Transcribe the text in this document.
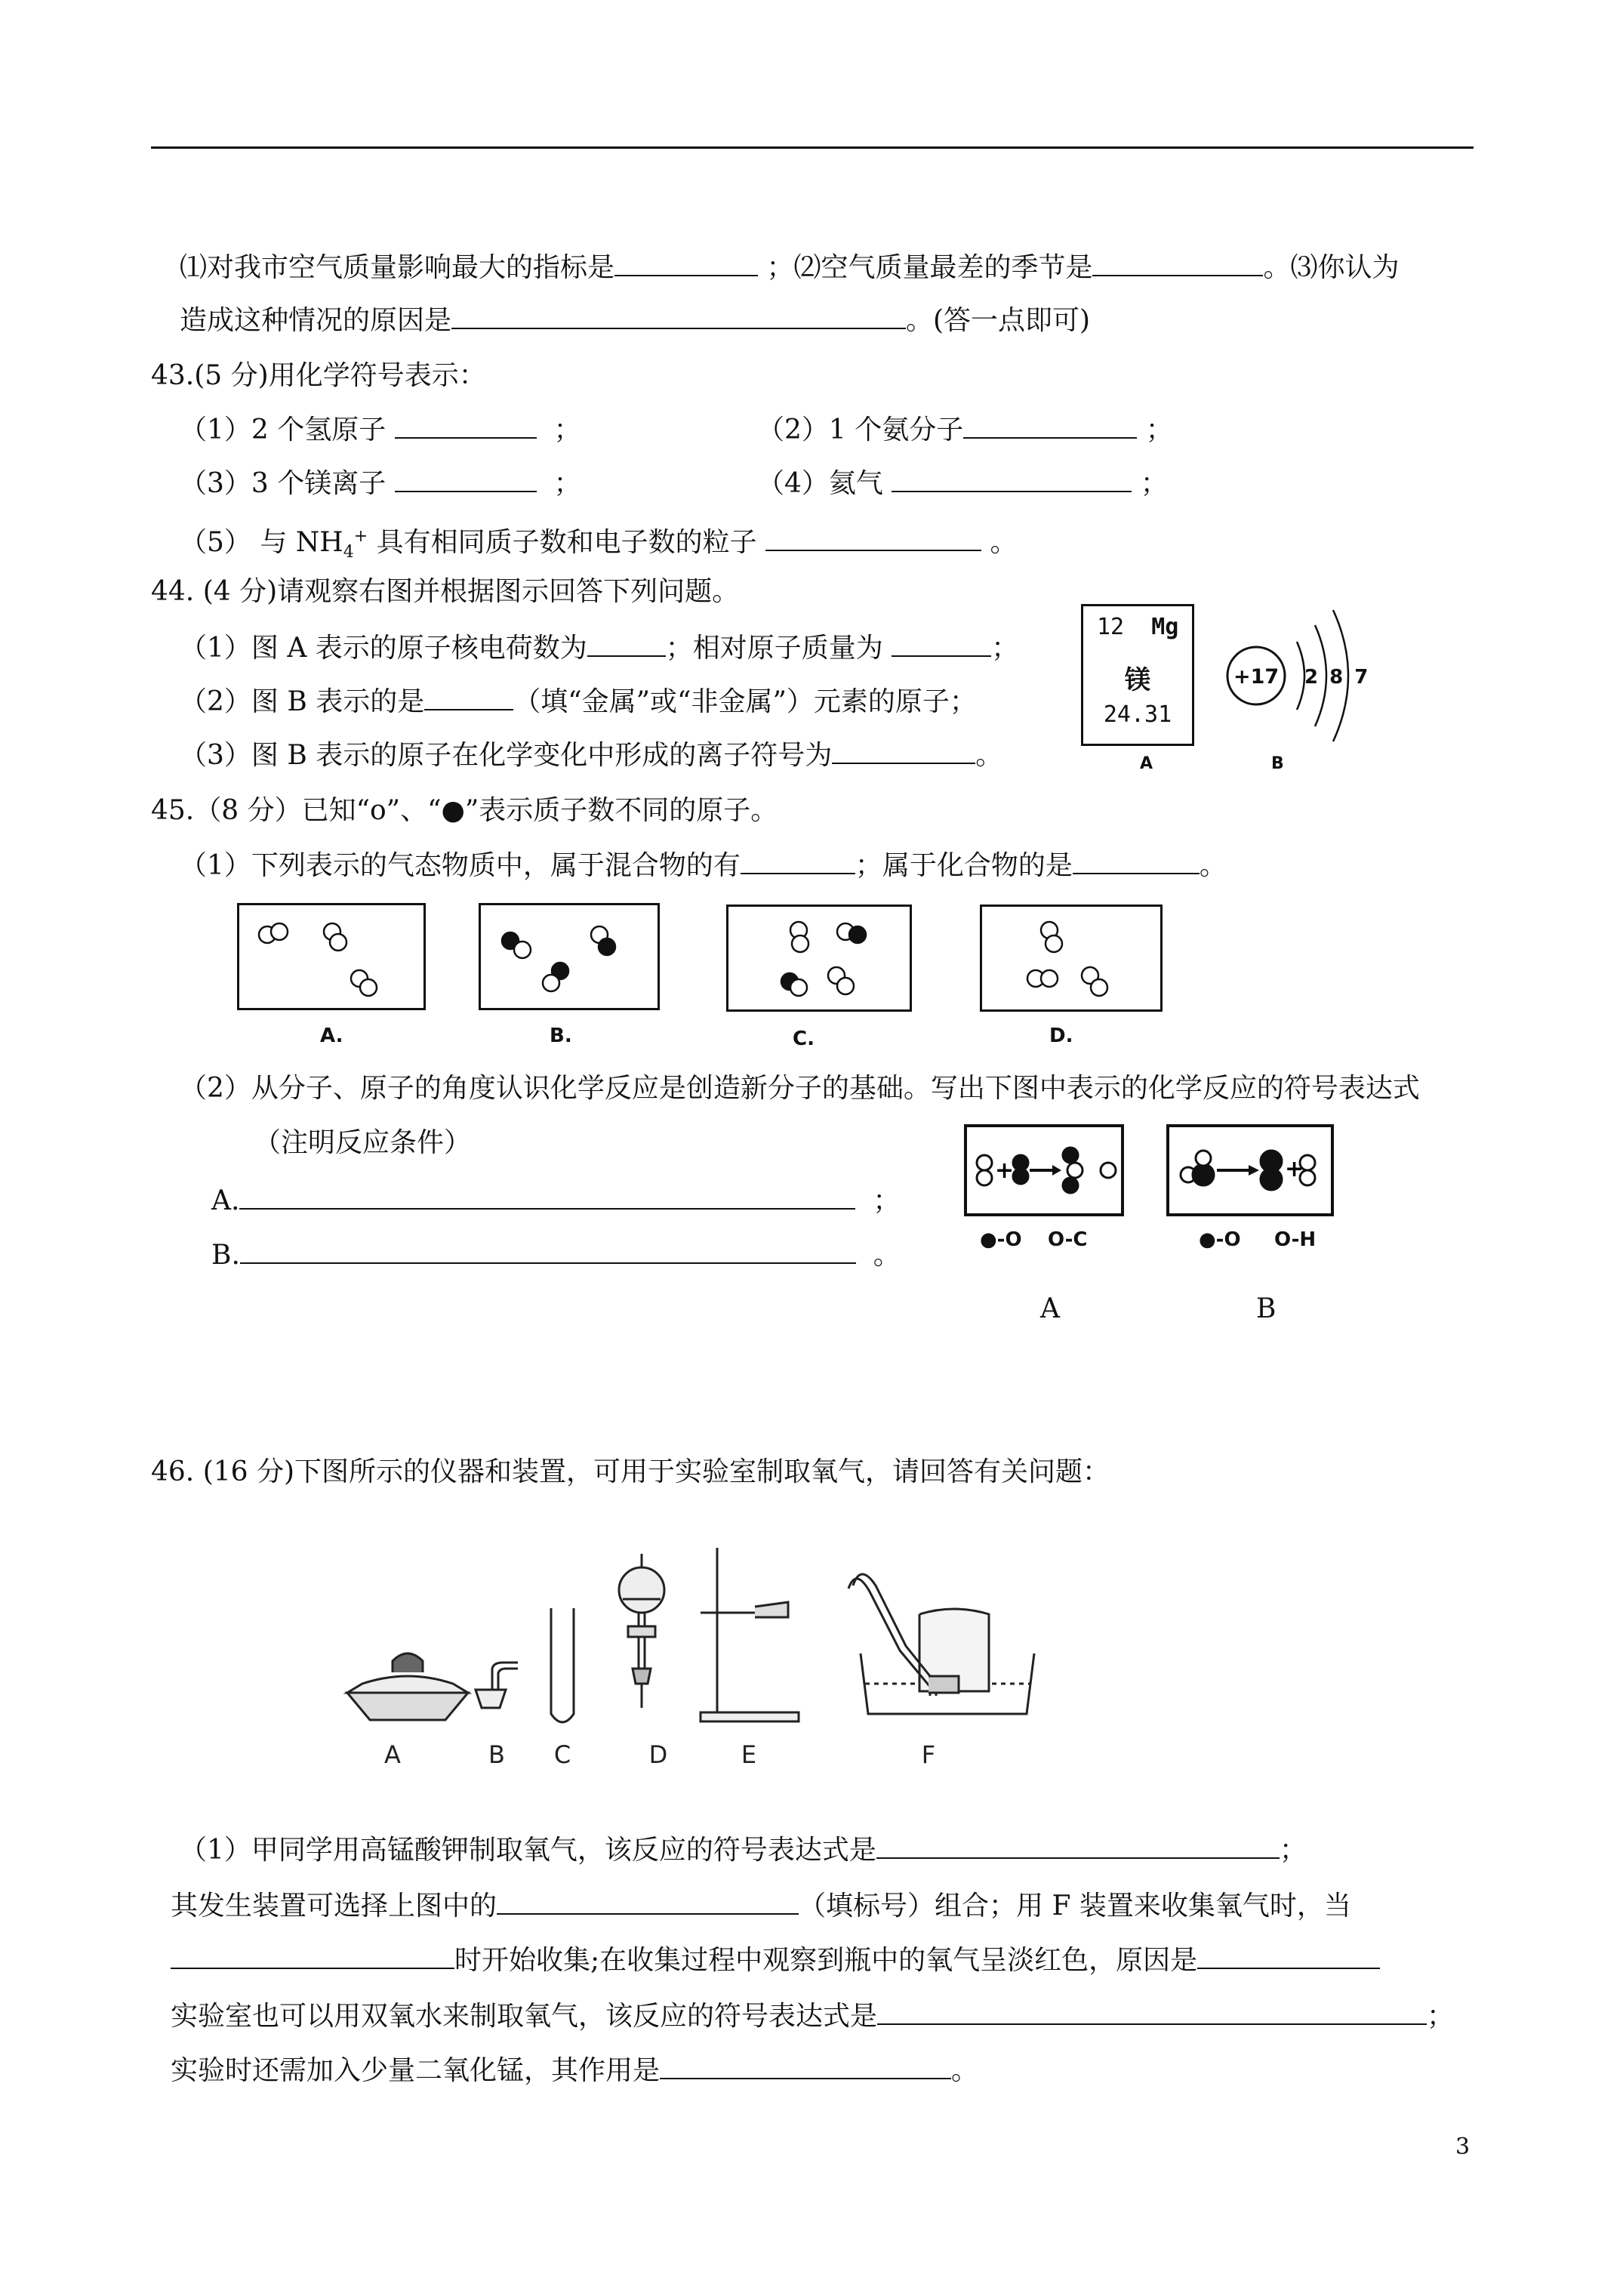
⑴对我市空气质量影响最大的指标是	；⑵空气质量最差的季节是	。⑶你认为
造成这种情况的原因是	。(答一点即可)
43.(5 分)用化学符号表示：
（1）2 个氢原子	；	（2）1 个氨分子	；
（3）3 个镁离子	；	（4）氦气	；
（5） 与 $NH_4^+$ 具有相同质子数和电子数的粒子	。
44. (4 分)请观察右图并根据图示回答下列问题。
（1）图 A 表示的原子核电荷数为	；相对原子质量为	；
（2）图 B 表示的是	（填“金属”或“非金属”）元素的原子；
（3）图 B 表示的原子在化学变化中形成的离子符号为	。
12 Mg
镁
24.31
A
+17 2 8 7
B
45.（8 分）已知“o”、“●”表示质子数不同的原子。
（1）下列表示的气态物质中，属于混合物的有	；属于化合物的是	。
A.	B.	C.	D.
（2）从分子、原子的角度认识化学反应是创造新分子的基础。写出下图中表示的化学反应的符号表达式
（注明反应条件）
A.	；
B.	。
+	+
●-O O-C	●-O O-H
A	B
46. (16 分)下图所示的仪器和装置，可用于实验室制取氧气，请回答有关问题：
A	B C	D	E	F
（1）甲同学用高锰酸钾制取氧气，该反应的符号表达式是	；
其发生装置可选择上图中的	（填标号）组合；用 F 装置来收集氧气时，当
时开始收集;在收集过程中观察到瓶中的氧气呈淡红色，原因是
实验室也可以用双氧水来制取氧气，该反应的符号表达式是	；
实验时还需加入少量二氧化锰，其作用是	。
3
